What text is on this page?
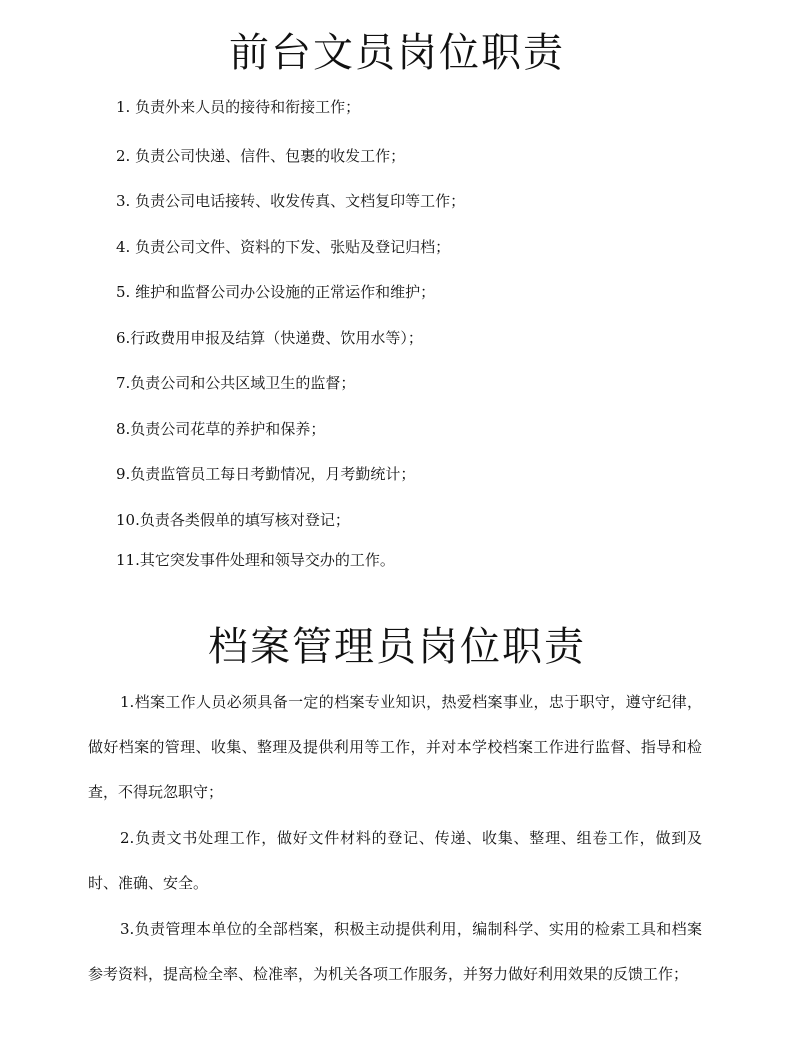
前台文员岗位职责
1. 负责外来人员的接待和衔接工作；
2. 负责公司快递、信件、包裹的收发工作；
3. 负责公司电话接转、收发传真、文档复印等工作；
4. 负责公司文件、资料的下发、张贴及登记归档；
5. 维护和监督公司办公设施的正常运作和维护；
6.行政费用申报及结算（快递费、饮用水等）；
7.负责公司和公共区域卫生的监督；
8.负责公司花草的养护和保养；
9.负责监管员工每日考勤情况，月考勤统计；
10.负责各类假单的填写核对登记；
11.其它突发事件处理和领导交办的工作。
档案管理员岗位职责

1.档案工作人员必须具备一定的档案专业知识，热爱档案事业，忠于职守，遵守纪律，做好档案的管理、收集、整理及提供利用等工作，并对本学校档案工作进行监督、指导和检查，不得玩忽职守；

2.负责文书处理工作，做好文件材料的登记、传递、收集、整理、组卷工作，做到及时、准确、安全。

3.负责管理本单位的全部档案，积极主动提供利用，编制科学、实用的检索工具和档案参考资料，提高检全率、检准率，为机关各项工作服务，并努力做好利用效果的反馈工作；
